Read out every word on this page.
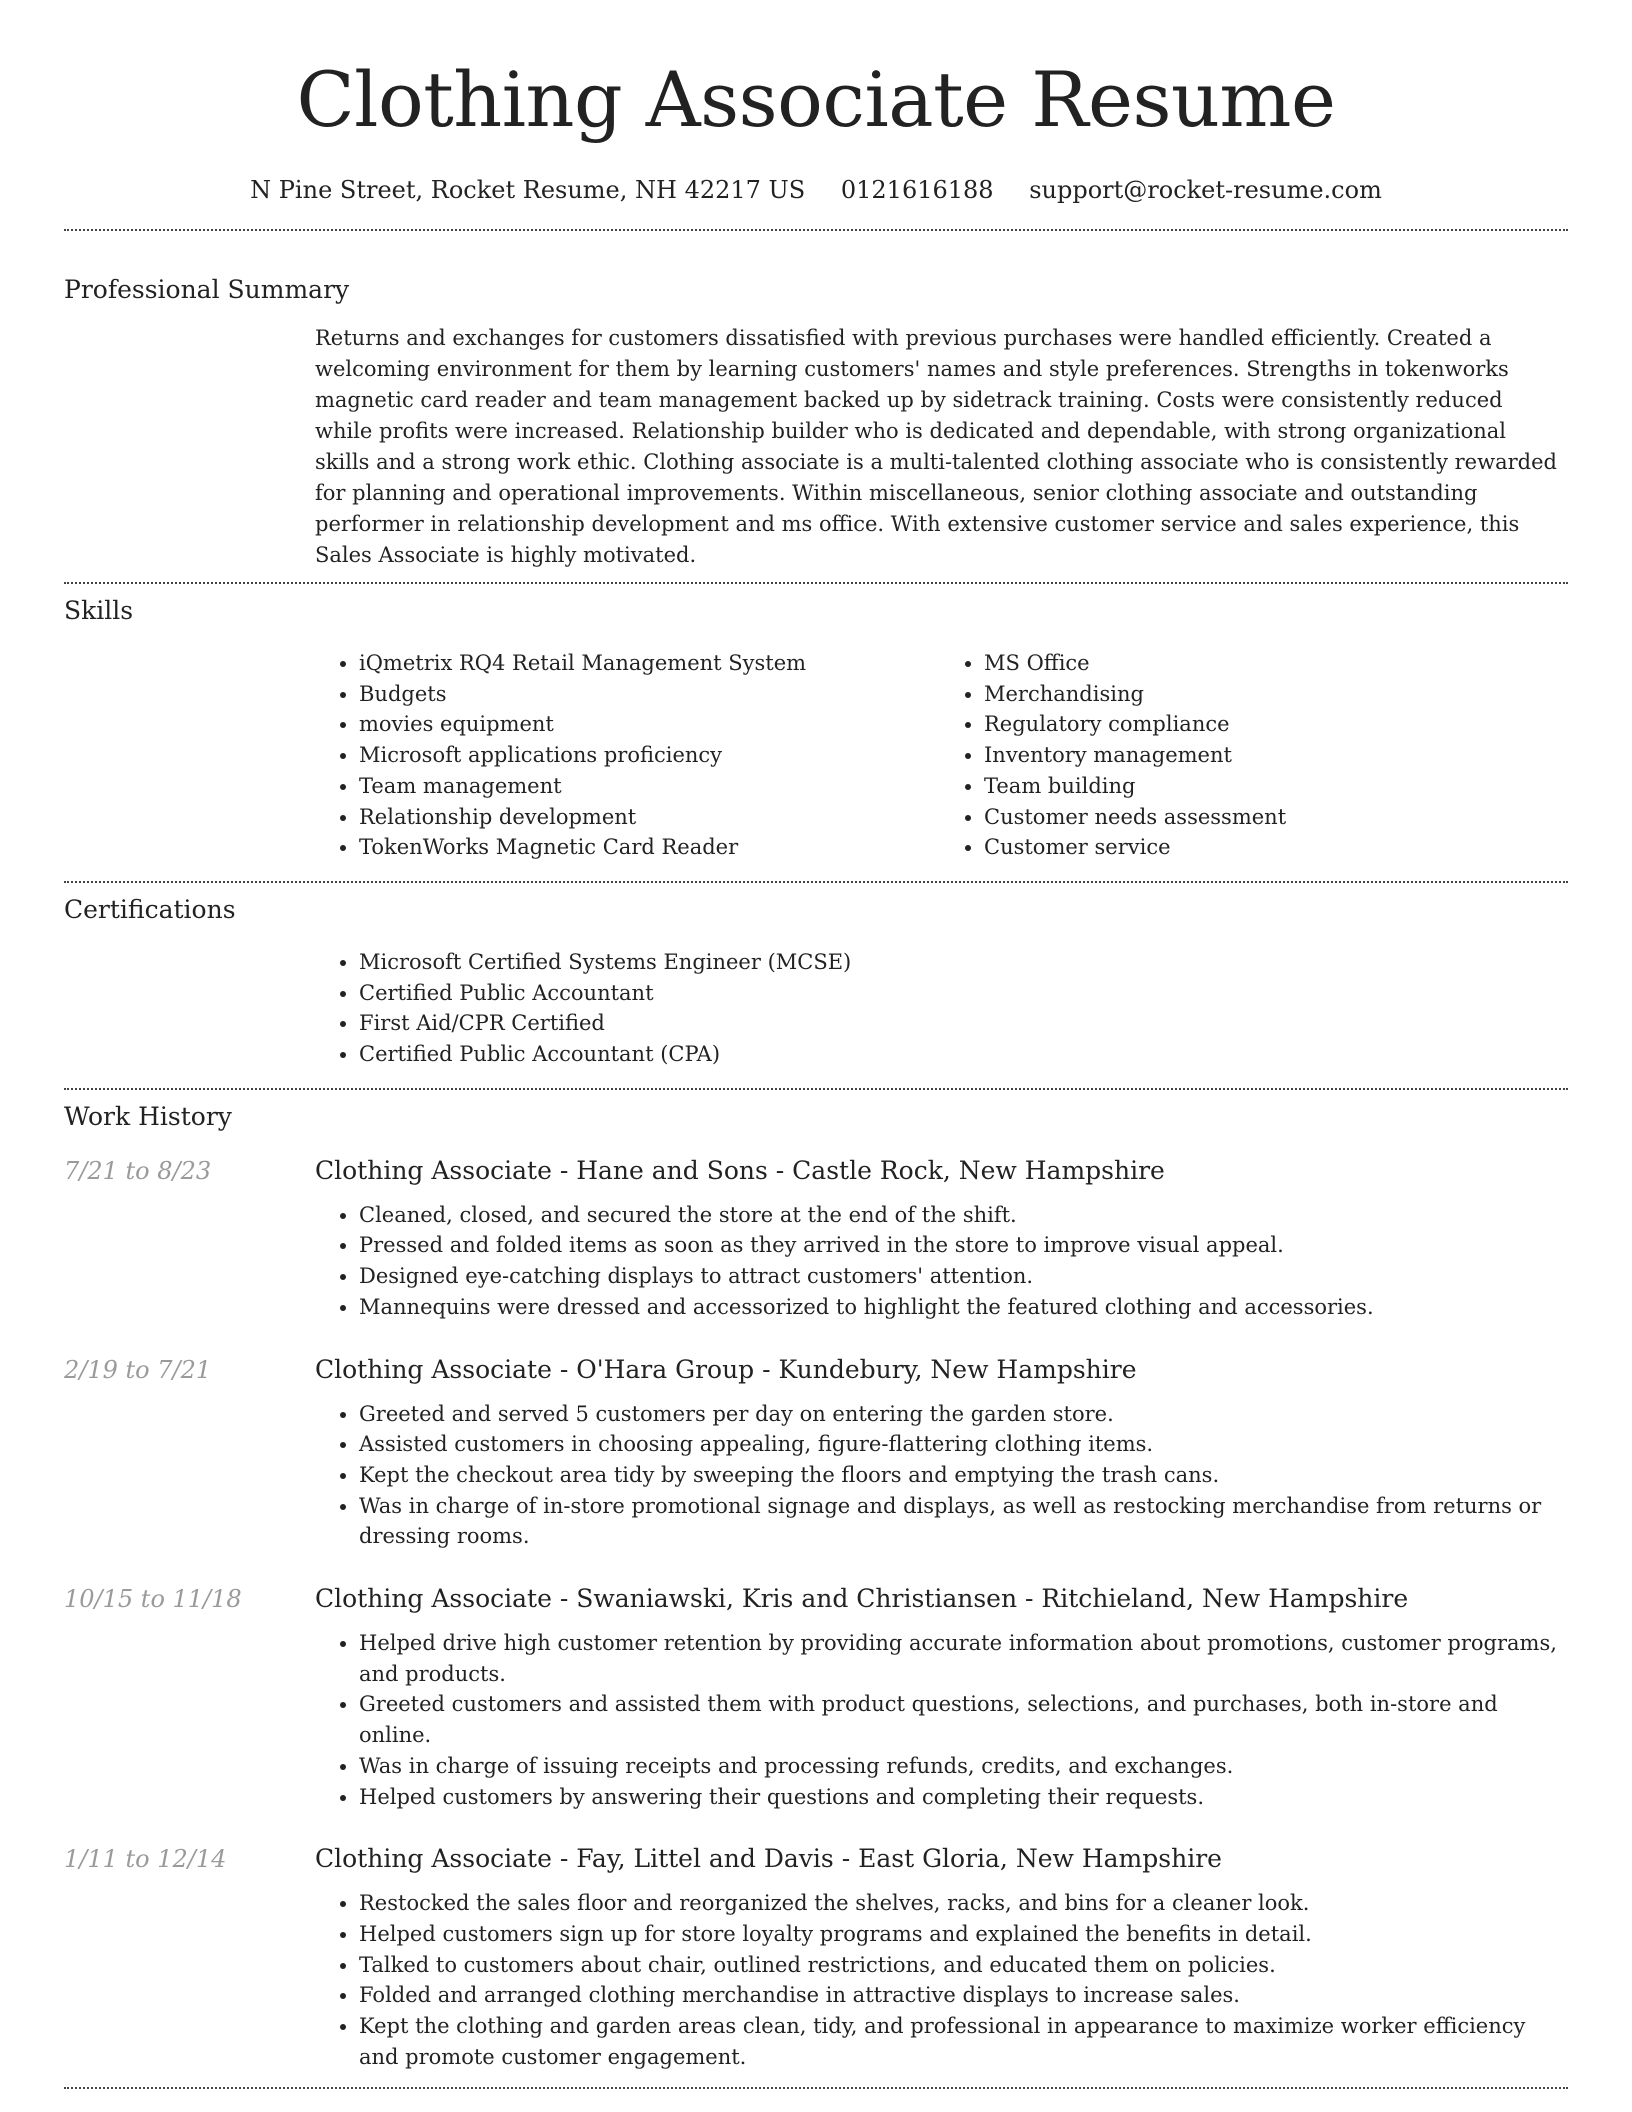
Clothing Associate Resume
N Pine Street, Rocket Resume, NH 42217 US 0121616188 support@rocket-resume.com
Professional Summary

Returns and exchanges for customers dissatisfied with previous purchases were handled efficiently. Created a welcoming environment for them by learning customers' names and style preferences. Strengths in tokenworks magnetic card reader and team management backed up by sidetrack training. Costs were consistently reduced while profits were increased. Relationship builder who is dedicated and dependable, with strong organizational skills and a strong work ethic. Clothing associate is a multi-talented clothing associate who is consistently rewarded for planning and operational improvements. Within miscellaneous, senior clothing associate and outstanding performer in relationship development and ms office. With extensive customer service and sales experience, this Sales Associate is highly motivated.

Skills
• iQmetrix RQ4 Retail Management System
• Budgets
• movies equipment
• Microsoft applications proficiency
• Team management
• Relationship development
• TokenWorks Magnetic Card Reader
• MS Office
• Merchandising
• Regulatory compliance
• Inventory management
• Team building
• Customer needs assessment
• Customer service
Certifications
• Microsoft Certified Systems Engineer (MCSE)
• Certified Public Accountant
• First Aid/CPR Certified
• Certified Public Accountant (CPA)
Work History
7/21 to 8/23	Clothing Associate - Hane and Sons - Castle Rock, New Hampshire
• Cleaned, closed, and secured the store at the end of the shift.
• Pressed and folded items as soon as they arrived in the store to improve visual appeal.
• Designed eye-catching displays to attract customers' attention.
• Mannequins were dressed and accessorized to highlight the featured clothing and accessories.
2/19 to 7/21	Clothing Associate - O'Hara Group - Kundebury, New Hampshire
• Greeted and served 5 customers per day on entering the garden store.
• Assisted customers in choosing appealing, figure-flattering clothing items.
• Kept the checkout area tidy by sweeping the floors and emptying the trash cans.
• Was in charge of in-store promotional signage and displays, as well as restocking merchandise from returns or dressing rooms.
10/15 to 11/18	Clothing Associate - Swaniawski, Kris and Christiansen - Ritchieland, New Hampshire
• Helped drive high customer retention by providing accurate information about promotions, customer programs, and products.
• Greeted customers and assisted them with product questions, selections, and purchases, both in-store and online.
• Was in charge of issuing receipts and processing refunds, credits, and exchanges.
• Helped customers by answering their questions and completing their requests.
1/11 to 12/14	Clothing Associate - Fay, Littel and Davis - East Gloria, New Hampshire
• Restocked the sales floor and reorganized the shelves, racks, and bins for a cleaner look.
• Helped customers sign up for store loyalty programs and explained the benefits in detail.
• Talked to customers about chair, outlined restrictions, and educated them on policies.
• Folded and arranged clothing merchandise in attractive displays to increase sales.
• Kept the clothing and garden areas clean, tidy, and professional in appearance to maximize worker efficiency and promote customer engagement.
